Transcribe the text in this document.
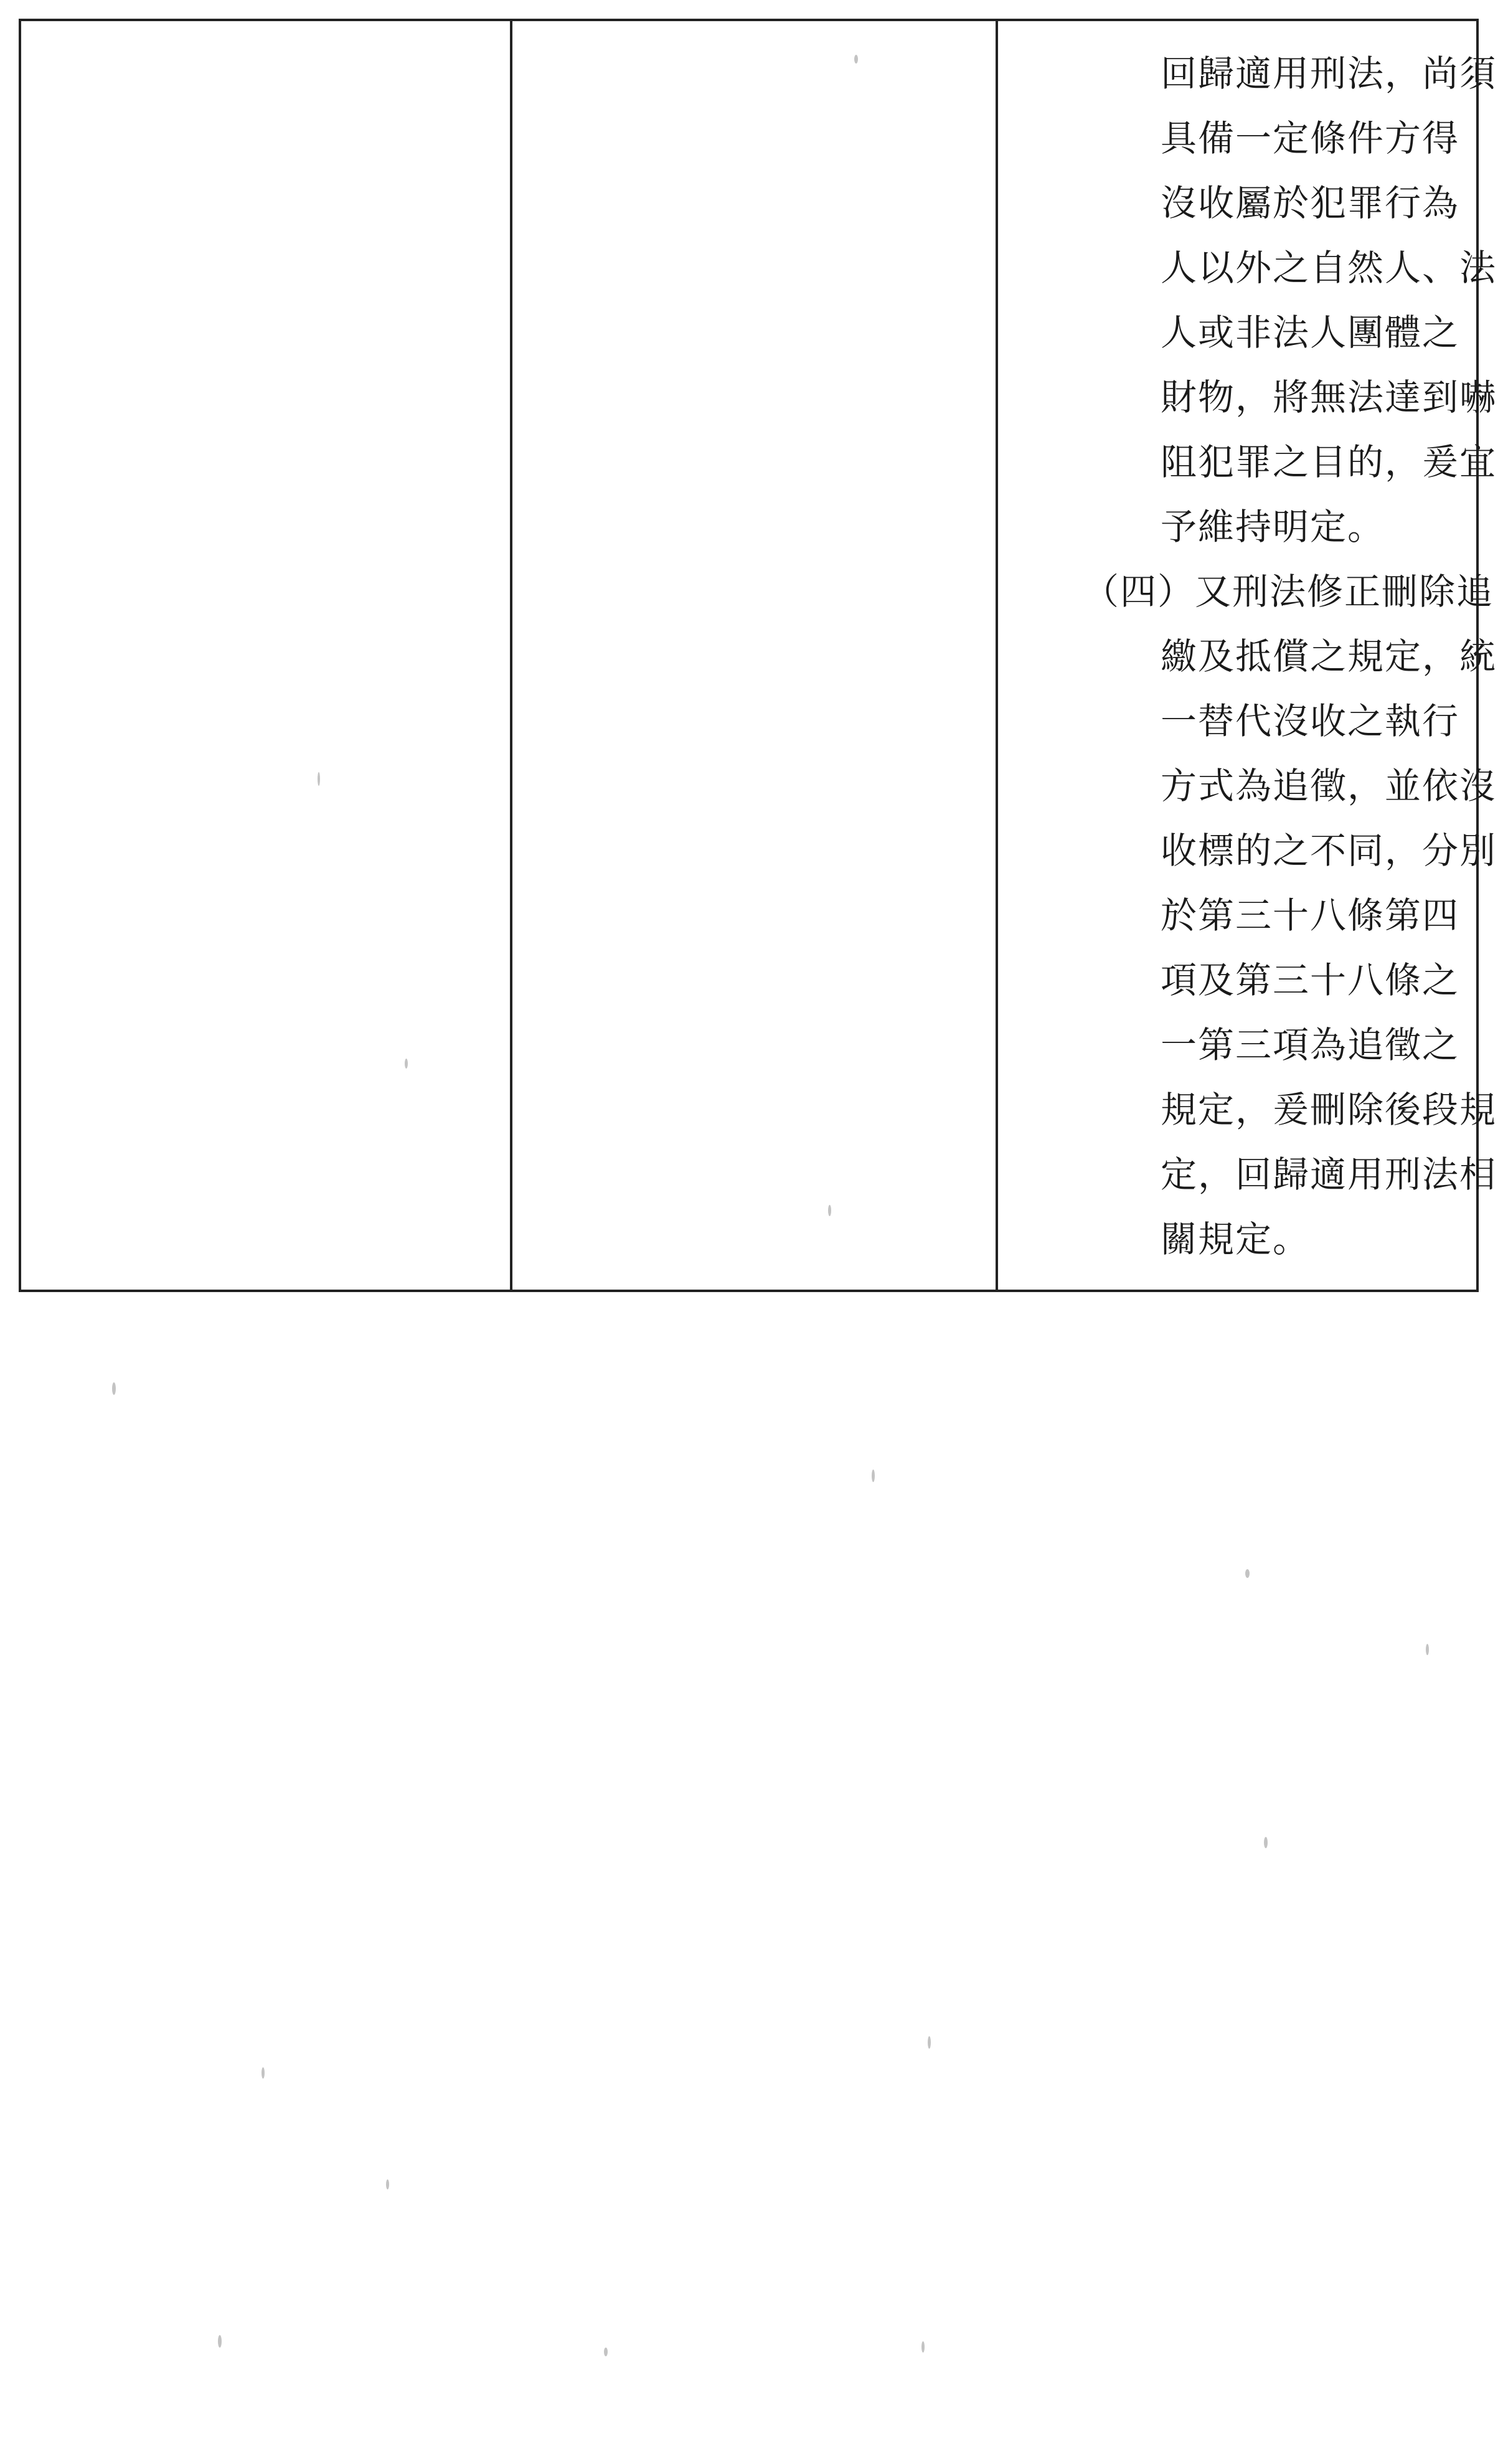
回歸適用刑法，尚須
具備一定條件方得
沒收屬於犯罪行為
人以外之自然人、法
人或非法人團體之
財物，將無法達到嚇
阻犯罪之目的，爰宜
予維持明定。
（四）又刑法修正刪除追
繳及抵償之規定，統
一替代沒收之執行
方式為追徵，並依沒
收標的之不同，分別
於第三十八條第四
項及第三十八條之
一第三項為追徵之
規定，爰刪除後段規
定，回歸適用刑法相
關規定。
